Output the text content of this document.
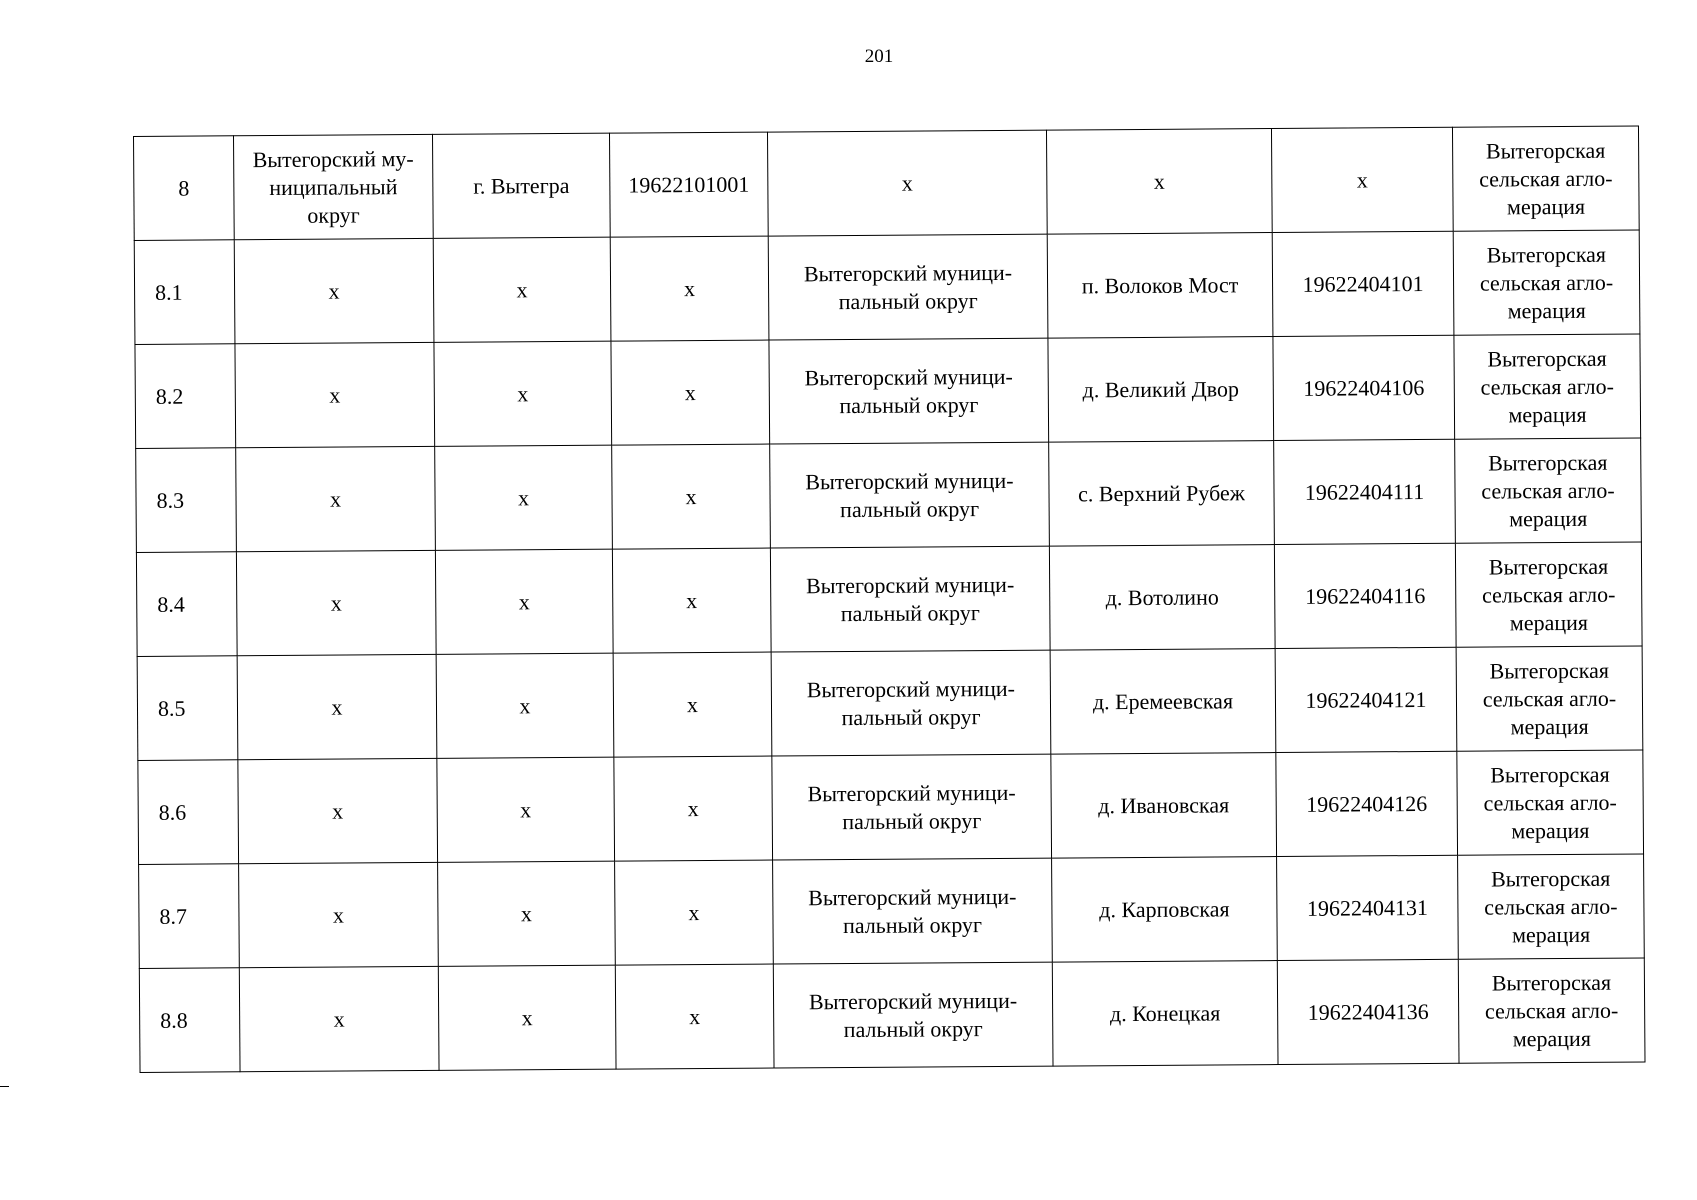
201
8	Вытегорский му-
ниципальный
округ	г. Вытегра	19622101001	х	х	х	Вытегорская
сельская агло-
мерация
8.1	х	х	х	Вытегорский муници-
пальный округ	п. Волоков Мост	19622404101	Вытегорская
сельская агло-
мерация
8.2	х	х	х	Вытегорский муници-
пальный округ	д. Великий Двор	19622404106	Вытегорская
сельская агло-
мерация
8.3	х	х	х	Вытегорский муници-
пальный округ	с. Верхний Рубеж	19622404111	Вытегорская
сельская агло-
мерация
8.4	х	х	х	Вытегорский муници-
пальный округ	д. Вотолино	19622404116	Вытегорская
сельская агло-
мерация
8.5	х	х	х	Вытегорский муници-
пальный округ	д. Еремеевская	19622404121	Вытегорская
сельская агло-
мерация
8.6	х	х	х	Вытегорский муници-
пальный округ	д. Ивановская	19622404126	Вытегорская
сельская агло-
мерация
8.7	х	х	х	Вытегорский муници-
пальный округ	д. Карповская	19622404131	Вытегорская
сельская агло-
мерация
8.8	х	х	х	Вытегорский муници-
пальный округ	д. Конецкая	19622404136	Вытегорская
сельская агло-
мерация
